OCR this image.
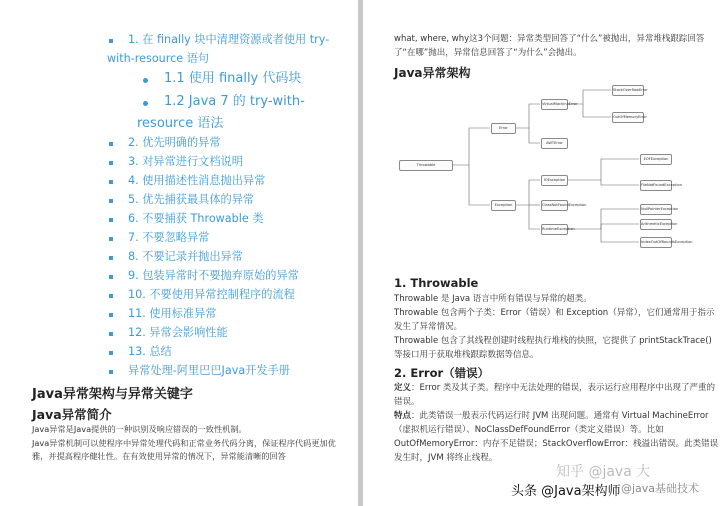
1. 在 finally 块中清理资源或者使用 try-
with-resource 语句
1.1 使用 finally 代码块
1.2 Java 7 的 try-with-
resource 语法
2. 优先明确的异常
3. 对异常进行文档说明
4. 使用描述性消息抛出异常
5. 优先捕获最具体的异常
6. 不要捕获 Throwable 类
7. 不要忽略异常
8. 不要记录并抛出异常
9. 包装异常时不要抛弃原始的异常
10. 不要使用异常控制程序的流程
11. 使用标准异常
12. 异常会影响性能
13. 总结
异常处理-阿里巴巴Java开发手册
Java异常架构与异常关键字
Java异常简介
Java异常是Java提供的一种识别及响应错误的一致性机制。
Java异常机制可以使程序中异常处理代码和正常业务代码分离，保证程序代码更加优雅，并提高程序健壮性。在有效使用异常的情况下，异常能清晰的回答
what, where, why这3个问题：异常类型回答了“什么”被抛出，异常堆栈跟踪回答了“在哪”抛出，异常信息回答了“为什么”会抛出。
Java异常架构
Throwable
Error
Exception
VirtualMachineError
AWTError
StackOverflowError
OutOfMemoryError
IOException
ClassNotFoundException
RuntimeException
EOFException
FileNotFoundException
NullPointerException
ArithmeticException
IndexOutOfBoundsException
1. Throwable
Throwable 是 Java 语言中所有错误与异常的超类。
Throwable 包含两个子类：Error（错误）和 Exception（异常），它们通常用于指示发生了异常情况。
Throwable 包含了其线程创建时线程执行堆栈的快照，它提供了 printStackTrace() 等接口用于获取堆栈跟踪数据等信息。
2. Error（错误）
定义：Error 类及其子类。程序中无法处理的错误，表示运行应用程序中出现了严重的错误。
特点：此类错误一般表示代码运行时 JVM 出现问题。通常有 Virtual MachineError（虚拟机运行错误）、NoClassDefFoundError（类定义错误）等。比如 OutOfMemoryError：内存不足错误；StackOverflowError：栈溢出错误。此类错误发生时，JVM 将终止线程。
知乎 @java 大
头条 @Java架构师 @java基础技术
